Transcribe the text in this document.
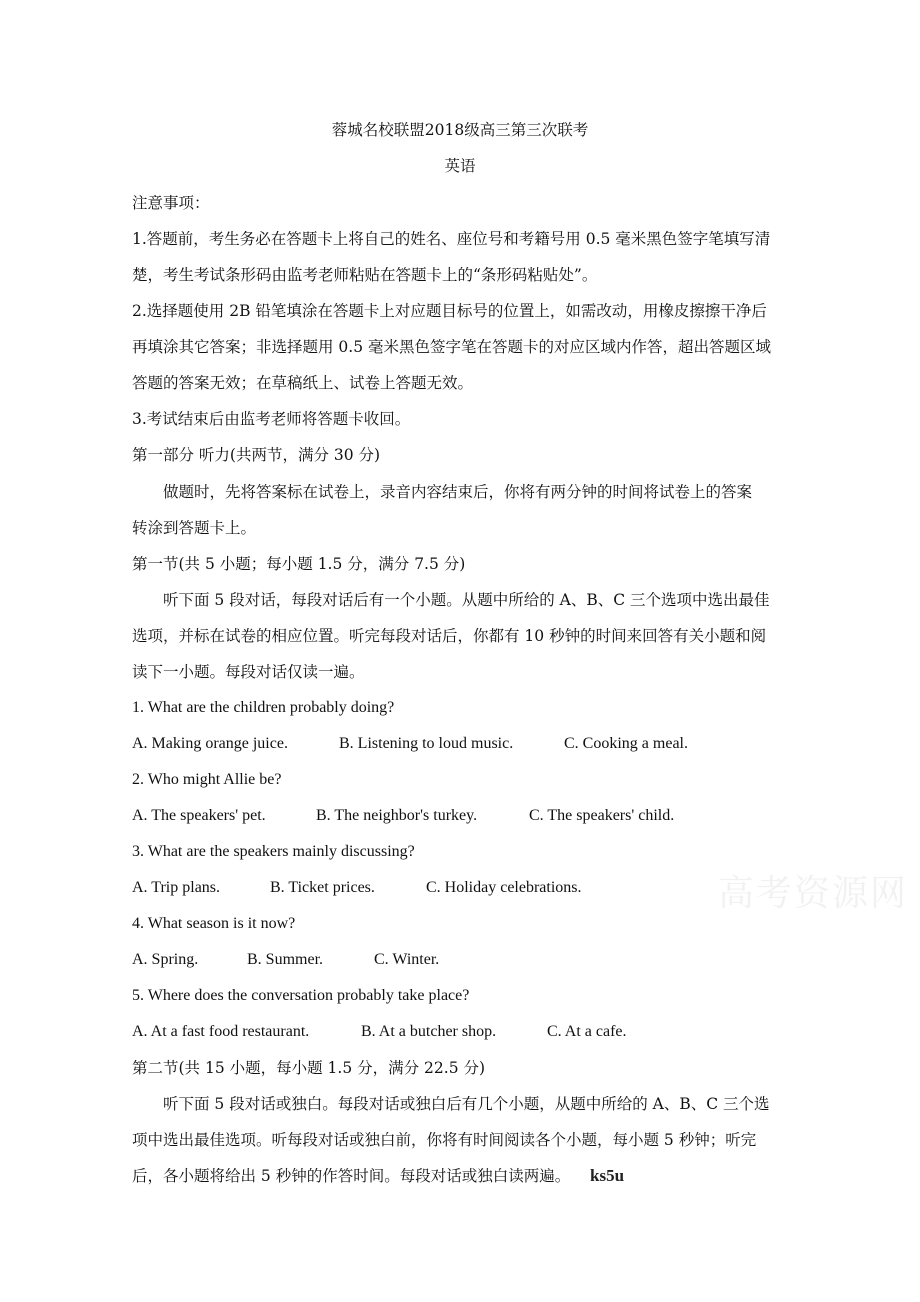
蓉城名校联盟2018级高三第三次联考
英语
注意事项：
1.答题前，考生务必在答题卡上将自己的姓名、座位号和考籍号用 0.5 毫米黑色签字笔填写清
楚，考生考试条形码由监考老师粘贴在答题卡上的“条形码粘贴处”。
2.选择题使用 2B 铅笔填涂在答题卡上对应题目标号的位置上，如需改动，用橡皮擦擦干净后
再填涂其它答案；非选择题用 0.5 毫米黑色签字笔在答题卡的对应区域内作答，超出答题区域
答题的答案无效；在草稿纸上、试卷上答题无效。
3.考试结束后由监考老师将答题卡收回。
第一部分 听力(共两节，满分 30 分)
做题时，先将答案标在试卷上，录音内容结束后，你将有两分钟的时间将试卷上的答案
转涂到答题卡上。
第一节(共 5 小题；每小题 1.5 分，满分 7.5 分)
听下面 5 段对话，每段对话后有一个小题。从题中所给的 A、B、C 三个选项中选出最佳
选项，并标在试卷的相应位置。听完每段对话后，你都有 10 秒钟的时间来回答有关小题和阅
读下一小题。每段对话仅读一遍。
1. What are the children probably doing?
A. Making orange juice.	B. Listening to loud music.	C. Cooking a meal.
2. Who might Allie be?
A. The speakers' pet.	B. The neighbor's turkey.	C. The speakers' child.
3. What are the speakers mainly discussing?
A. Trip plans.	B. Ticket prices.	C. Holiday celebrations.
4. What season is it now?
A. Spring.	B. Summer.	C. Winter.
5. Where does the conversation probably take place?
A. At a fast food restaurant.	B. At a butcher shop.	C. At a cafe.
第二节(共 15 小题，每小题 1.5 分，满分 22.5 分)
听下面 5 段对话或独白。每段对话或独白后有几个小题，从题中所给的 A、B、C 三个选
项中选出最佳选项。听每段对话或独白前，你将有时间阅读各个小题，每小题 5 秒钟；听完
后，各小题将给出 5 秒钟的作答时间。每段对话或独白读两遍。 ks5u
高考资源网
